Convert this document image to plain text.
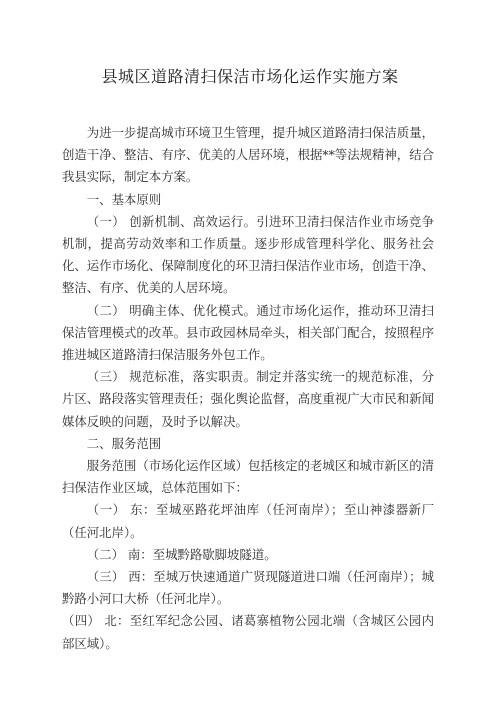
县城区道路清扫保洁市场化运作实施方案

为进一步提高城市环境卫生管理，提升城区道路清扫保洁质量，创造干净、整洁、有序、优美的人居环境，根据**等法规精神，结合我县实际，制定本方案。

一、基本原则

（一） 创新机制、高效运行。引进环卫清扫保洁作业市场竞争机制，提高劳动效率和工作质量。逐步形成管理科学化、服务社会化、运作市场化、保障制度化的环卫清扫保洁作业市场，创造干净、整洁、有序、优美的人居环境。

（二） 明确主体、优化模式。通过市场化运作，推动环卫清扫保洁管理模式的改革。县市政园林局牵头，相关部门配合，按照程序推进城区道路清扫保洁服务外包工作。

（三） 规范标准，落实职责。制定并落实统一的规范标准，分片区、路段落实管理责任；强化舆论监督，高度重视广大市民和新闻媒体反映的问题，及时予以解决。

二、服务范围

服务范围（市场化运作区域）包括核定的老城区和城市新区的清扫保洁作业区域，总体范围如下：

（一） 东：至城巫路花坪油库（任河南岸）；至山神漆器新厂（任河北岸）。

（二） 南：至城黔路歇脚坡隧道。

（三） 西：至城万快速通道广贤现隧道进口端（任河南岸）；城黔路小河口大桥（任河北岸）。

（四） 北：至红军纪念公园、诸葛寨植物公园北端（含城区公园内部区域）。
